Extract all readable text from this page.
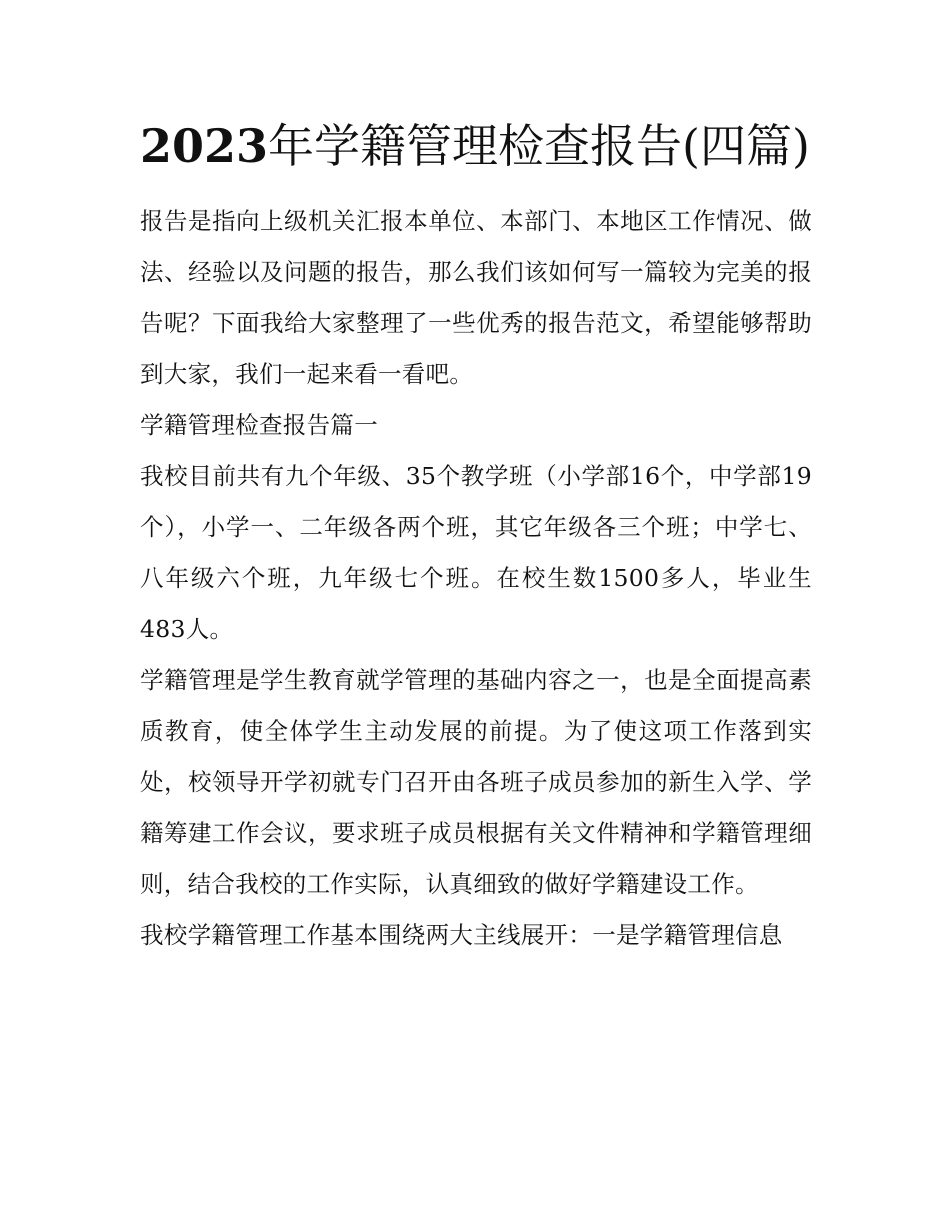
2023年学籍管理检查报告(四篇)

报告是指向上级机关汇报本单位、本部门、本地区工作情况、做法、经验以及问题的报告，那么我们该如何写一篇较为完美的报告呢？下面我给大家整理了一些优秀的报告范文，希望能够帮助到大家，我们一起来看一看吧。

学籍管理检查报告篇一

我校目前共有九个年级、35个教学班（小学部16个，中学部19个），小学一、二年级各两个班，其它年级各三个班；中学七、八年级六个班，九年级七个班。在校生数1500多人，毕业生483人。

学籍管理是学生教育就学管理的基础内容之一，也是全面提高素质教育，使全体学生主动发展的前提。为了使这项工作落到实处，校领导开学初就专门召开由各班子成员参加的新生入学、学籍筹建工作会议，要求班子成员根据有关文件精神和学籍管理细则，结合我校的工作实际，认真细致的做好学籍建设工作。

我校学籍管理工作基本围绕两大主线展开：一是学籍管理信息
